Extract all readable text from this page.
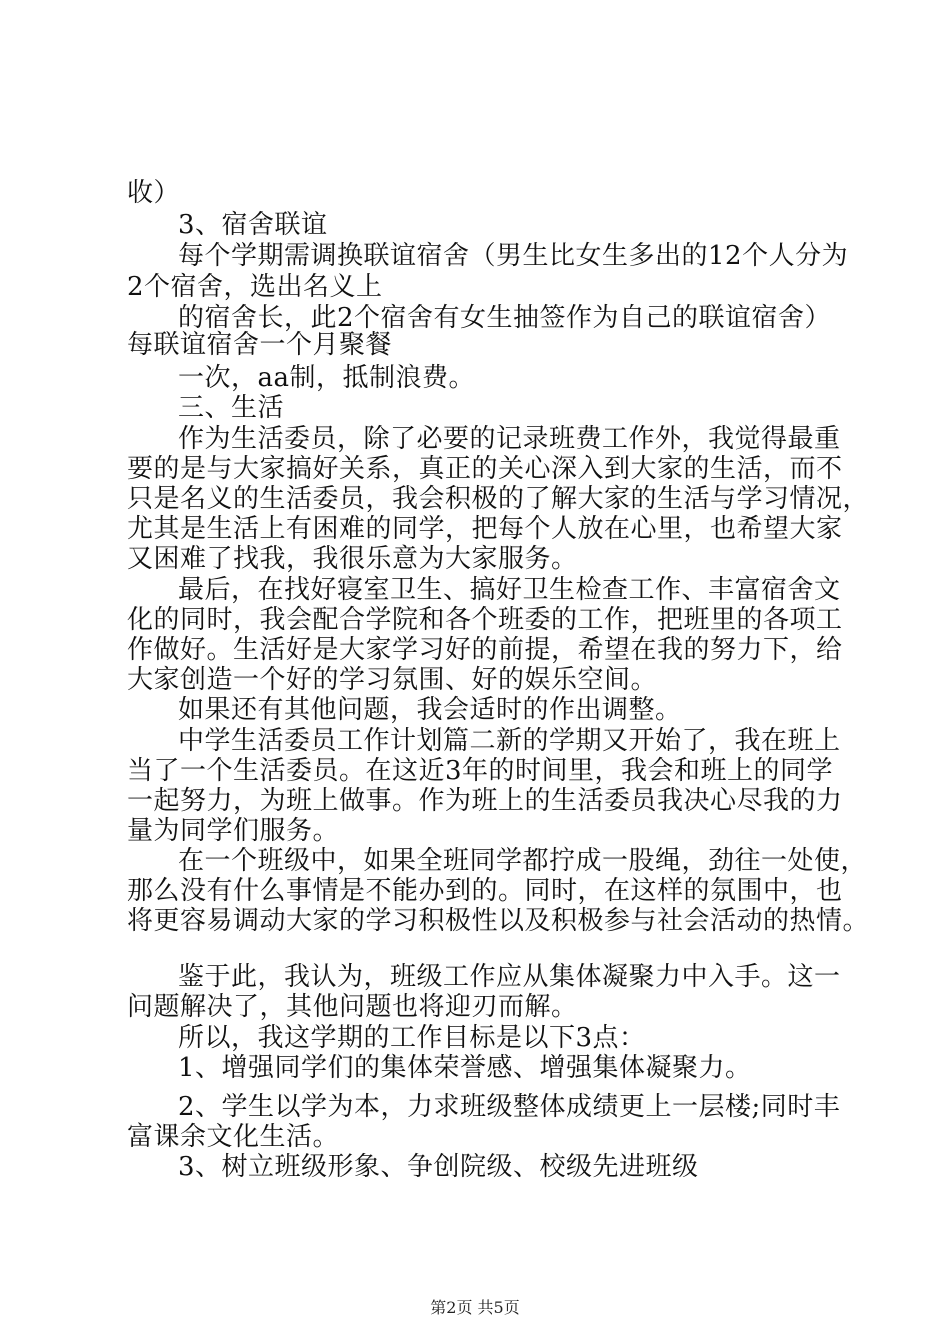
收）
3、宿舍联谊
每个学期需调换联谊宿舍（男生比女生多出的12个人分为
2个宿舍，选出名义上
的宿舍长，此2个宿舍有女生抽签作为自己的联谊宿舍）
每联谊宿舍一个月聚餐
一次，aa制，抵制浪费。
三、生活
作为生活委员，除了必要的记录班费工作外，我觉得最重
要的是与大家搞好关系，真正的关心深入到大家的生活，而不
只是名义的生活委员，我会积极的了解大家的生活与学习情况，
尤其是生活上有困难的同学，把每个人放在心里，也希望大家
又困难了找我，我很乐意为大家服务。
最后，在找好寝室卫生、搞好卫生检查工作、丰富宿舍文
化的同时，我会配合学院和各个班委的工作，把班里的各项工
作做好。生活好是大家学习好的前提，希望在我的努力下，给
大家创造一个好的学习氛围、好的娱乐空间。
如果还有其他问题，我会适时的作出调整。
中学生活委员工作计划篇二新的学期又开始了，我在班上
当了一个生活委员。在这近3年的时间里，我会和班上的同学
一起努力，为班上做事。作为班上的生活委员我决心尽我的力
量为同学们服务。
在一个班级中，如果全班同学都拧成一股绳，劲往一处使，
那么没有什么事情是不能办到的。同时，在这样的氛围中，也
将更容易调动大家的学习积极性以及积极参与社会活动的热情。
鉴于此，我认为，班级工作应从集体凝聚力中入手。这一
问题解决了，其他问题也将迎刃而解。
所以，我这学期的工作目标是以下3点：
1、增强同学们的集体荣誉感、增强集体凝聚力。
2、学生以学为本，力求班级整体成绩更上一层楼;同时丰
富课余文化生活。
3、树立班级形象、争创院级、校级先进班级
第2页 共5页
